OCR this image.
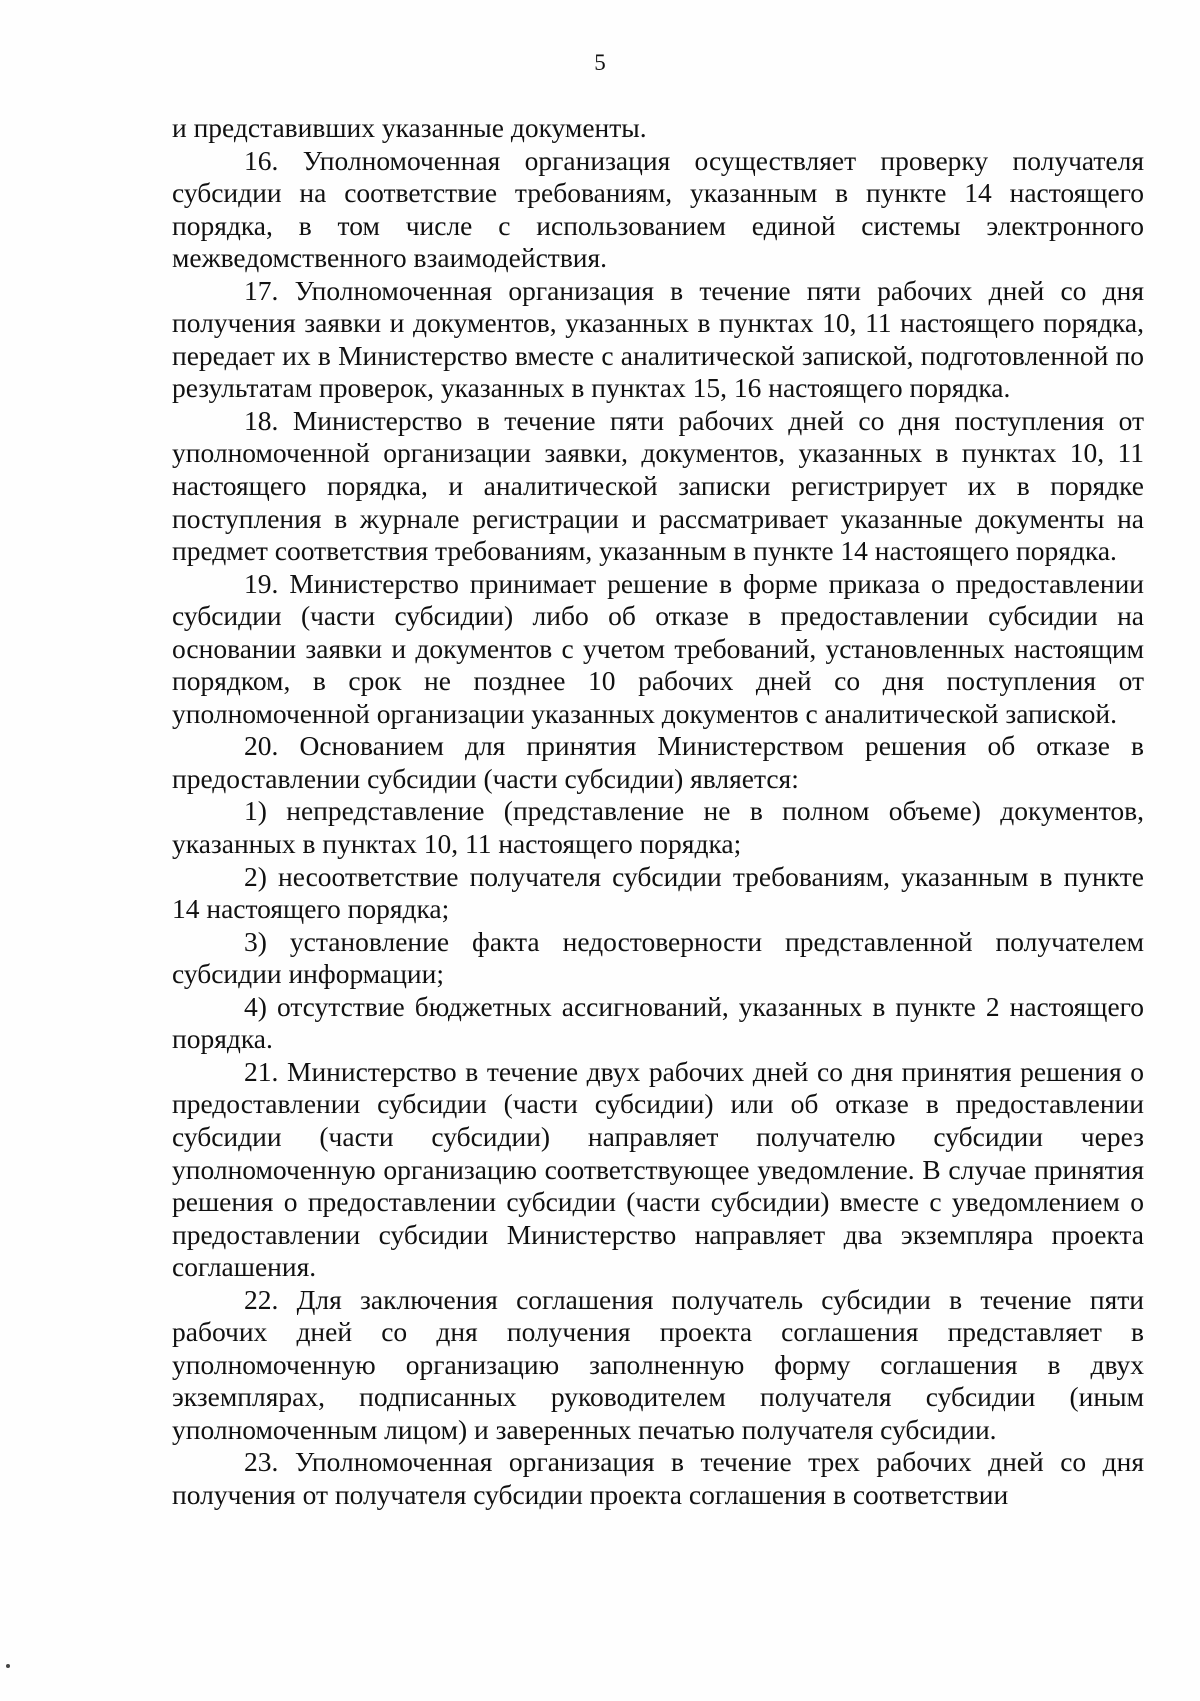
5

и представивших указанные документы.

16. Уполномоченная организация осуществляет проверку получателя субсидии на соответствие требованиям, указанным в пункте 14 настоящего порядка, в том числе с использованием единой системы электронного межведомственного взаимодействия.

17. Уполномоченная организация в течение пяти рабочих дней со дня получения заявки и документов, указанных в пунктах 10, 11 настоящего порядка, передает их в Министерство вместе с аналитической запиской, подготовленной по результатам проверок, указанных в пунктах 15, 16 настоящего порядка.

18. Министерство в течение пяти рабочих дней со дня поступления от уполномоченной организации заявки, документов, указанных в пунктах 10, 11 настоящего порядка, и аналитической записки регистрирует их в порядке поступления в журнале регистрации и рассматривает указанные документы на предмет соответствия требованиям, указанным в пункте 14 настоящего порядка.

19. Министерство принимает решение в форме приказа о предоставлении субсидии (части субсидии) либо об отказе в предоставлении субсидии на основании заявки и документов с учетом требований, установленных настоящим порядком, в срок не позднее 10 рабочих дней со дня поступления от уполномоченной организации указанных документов с аналитической запиской.

20. Основанием для принятия Министерством решения об отказе в предоставлении субсидии (части субсидии) является:

1) непредставление (представление не в полном объеме) документов, указанных в пунктах 10, 11 настоящего порядка;

2) несоответствие получателя субсидии требованиям, указанным в пункте 14 настоящего порядка;

3) установление факта недостоверности представленной получателем субсидии информации;

4) отсутствие бюджетных ассигнований, указанных в пункте 2 настоящего порядка.

21. Министерство в течение двух рабочих дней со дня принятия решения о предоставлении субсидии (части субсидии) или об отказе в предоставлении субсидии (части субсидии) направляет получателю субсидии через уполномоченную организацию соответствующее уведомление. В случае принятия решения о предоставлении субсидии (части субсидии) вместе с уведомлением о предоставлении субсидии Министерство направляет два экземпляра проекта соглашения.

22. Для заключения соглашения получатель субсидии в течение пяти рабочих дней со дня получения проекта соглашения представляет в уполномоченную организацию заполненную форму соглашения в двух экземплярах, подписанных руководителем получателя субсидии (иным уполномоченным лицом) и заверенных печатью получателя субсидии.

23. Уполномоченная организация в течение трех рабочих дней со дня получения от получателя субсидии проекта соглашения в соответствии
